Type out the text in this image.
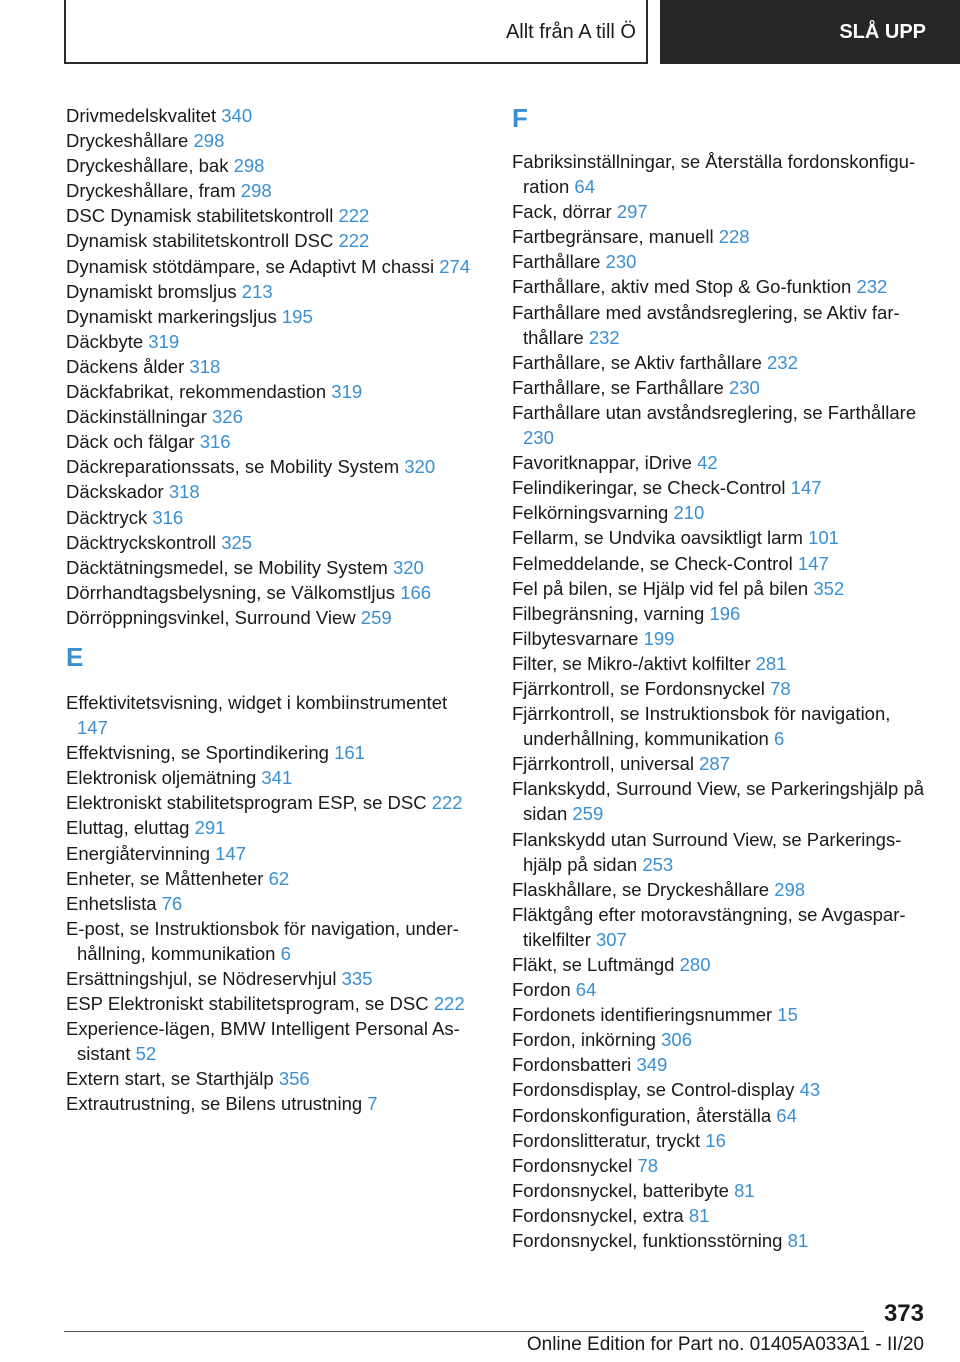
Allt från A till Ö	SLÅ UPP
Drivmedelskvalitet 340
Dryckeshållare 298
Dryckeshållare, bak 298
Dryckeshållare, fram 298
DSC Dynamisk stabilitetskontroll 222
Dynamisk stabilitetskontroll DSC 222
Dynamisk stötdämpare, se Adaptivt M chassi 274
Dynamiskt bromsljus 213
Dynamiskt markeringsljus 195
Däckbyte 319
Däckens ålder 318
Däckfabrikat, rekommendastion 319
Däckinställningar 326
Däck och fälgar 316
Däckreparationssats, se Mobility System 320
Däckskador 318
Däcktryck 316
Däcktryckskontroll 325
Däcktätningsmedel, se Mobility System 320
Dörrhandtagsbelysning, se Välkomstljus 166
Dörröppningsvinkel, Surround View 259
E
Effektivitetsvisning, widget i kombiinstrumentet 147
Effektvisning, se Sportindikering 161
Elektronisk oljemätning 341
Elektroniskt stabilitetsprogram ESP, se DSC 222
Eluttag, eluttag 291
Energiåtervinning 147
Enheter, se Måttenheter 62
Enhetslista 76
E-post, se Instruktionsbok för navigation, underhållning, kommunikation 6
Ersättningshjul, se Nödreservhjul 335
ESP Elektroniskt stabilitetsprogram, se DSC 222
Experience-lägen, BMW Intelligent Personal Assistant 52
Extern start, se Starthjälp 356
Extrautrustning, se Bilens utrustning 7
F
Fabriksinställningar, se Återställa fordonskonfiguration 64
Fack, dörrar 297
Fartbegränsare, manuell 228
Farthållare 230
Farthållare, aktiv med Stop & Go-funktion 232
Farthållare med avståndsreglering, se Aktiv farthållare 232
Farthållare, se Aktiv farthållare 232
Farthållare, se Farthållare 230
Farthållare utan avståndsreglering, se Farthållare 230
Favoritknappar, iDrive 42
Felindikeringar, se Check-Control 147
Felkörningsvarning 210
Fellarm, se Undvika oavsiktligt larm 101
Felmeddelande, se Check-Control 147
Fel på bilen, se Hjälp vid fel på bilen 352
Filbegränsning, varning 196
Filbytesvarnare 199
Filter, se Mikro-/aktivt kolfilter 281
Fjärrkontroll, se Fordonsnyckel 78
Fjärrkontroll, se Instruktionsbok för navigation, underhållning, kommunikation 6
Fjärrkontroll, universal 287
Flankskydd, Surround View, se Parkeringshjälp på sidan 259
Flankskydd utan Surround View, se Parkeringshjälp på sidan 253
Flaskhållare, se Dryckeshållare 298
Fläktgång efter motoravstängning, se Avgaspartikelfilter 307
Fläkt, se Luftmängd 280
Fordon 64
Fordonets identifieringsnummer 15
Fordon, inkörning 306
Fordonsbatteri 349
Fordonsdisplay, se Control-display 43
Fordonskonfiguration, återställa 64
Fordonslitteratur, tryckt 16
Fordonsnyckel 78
Fordonsnyckel, batteribyte 81
Fordonsnyckel, extra 81
Fordonsnyckel, funktionsstörning 81
373
Online Edition for Part no. 01405A033A1 - II/20
